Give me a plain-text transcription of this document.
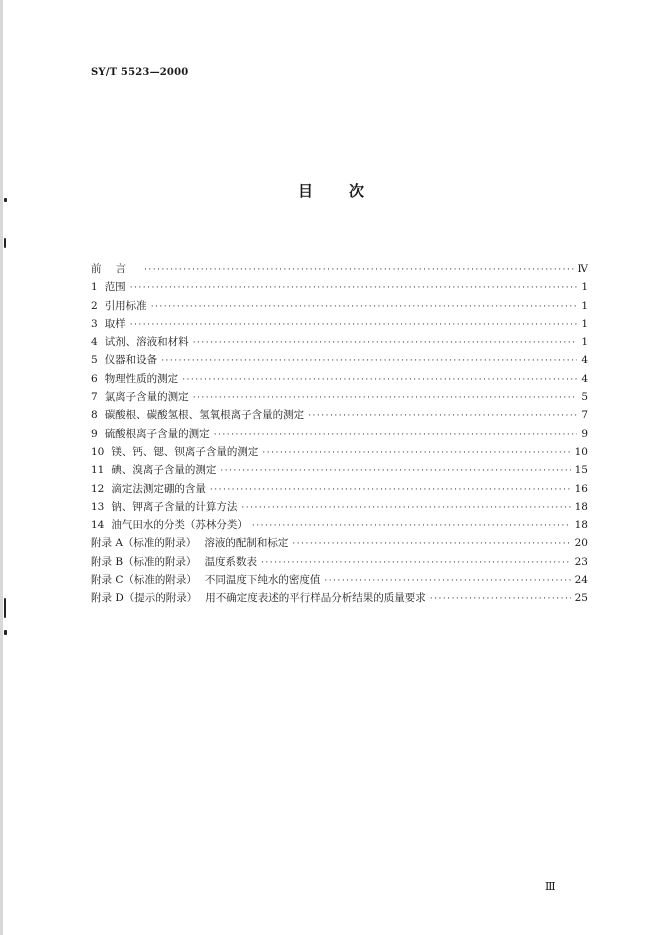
SY/T 5523—2000
目 次
前言 ·····	Ⅳ
1 范围 ·····	1
2 引用标准 ·····	1
3 取样 ·····	1
4 试剂、溶液和材料 ·····	1
5 仪器和设备 ·····	4
6 物理性质的测定 ·····	4
7 氯离子含量的测定 ·····	5
8 碳酸根、碳酸氢根、氢氧根离子含量的测定 ·····	7
9 硫酸根离子含量的测定 ·····	9
10 镁、钙、锶、钡离子含量的测定 ·····	10
11 碘、溴离子含量的测定 ·····	15
12 滴定法测定硼的含量 ·····	16
13 钠、钾离子含量的计算方法 ·····	18
14 油气田水的分类（苏林分类） ·····	18
附录 A（标准的附录） 溶液的配制和标定 ·····	20
附录 B（标准的附录） 温度系数表 ·····	23
附录 C（标准的附录） 不同温度下纯水的密度值 ·····	24
附录 D（提示的附录） 用不确定度表述的平行样品分析结果的质量要求 ·····	25
Ⅲ
